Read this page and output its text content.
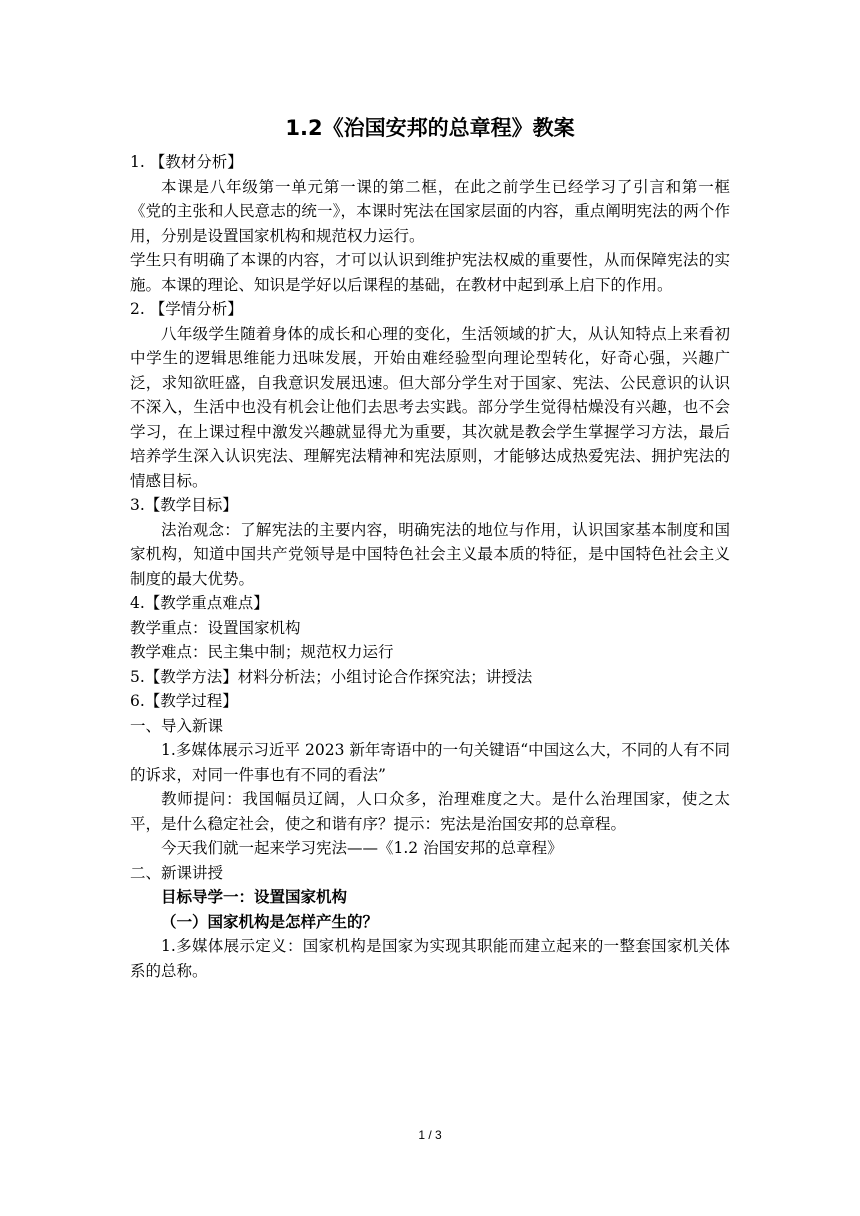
1.2《治国安邦的总章程》教案

1. 【教材分析】

本课是八年级第一单元第一课的第二框，在此之前学生已经学习了引言和第一框《党的主张和人民意志的统一》，本课时宪法在国家层面的内容，重点阐明宪法的两个作用，分别是设置国家机构和规范权力运行。

学生只有明确了本课的内容，才可以认识到维护宪法权威的重要性，从而保障宪法的实施。本课的理论、知识是学好以后课程的基础，在教材中起到承上启下的作用。

2. 【学情分析】

八年级学生随着身体的成长和心理的变化，生活领域的扩大，从认知特点上来看初中学生的逻辑思维能力迅味发展，开始由难经验型向理论型转化，好奇心强，兴趣广泛，求知欲旺盛，自我意识发展迅速。但大部分学生对于国家、宪法、公民意识的认识不深入，生活中也没有机会让他们去思考去实践。部分学生觉得枯燥没有兴趣，也不会学习，在上课过程中激发兴趣就显得尤为重要，其次就是教会学生掌握学习方法，最后培养学生深入认识宪法、理解宪法精神和宪法原则，才能够达成热爱宪法、拥护宪法的情感目标。

3.【教学目标】

法治观念：了解宪法的主要内容，明确宪法的地位与作用，认识国家基本制度和国家机构，知道中国共产党领导是中国特色社会主义最本质的特征，是中国特色社会主义制度的最大优势。

4.【教学重点难点】

教学重点：设置国家机构

教学难点：民主集中制；规范权力运行

5.【教学方法】材料分析法；小组讨论合作探究法；讲授法

6.【教学过程】

一、导入新课

1.多媒体展示习近平 2023 新年寄语中的一句关键语“中国这么大，不同的人有不同的诉求，对同一件事也有不同的看法”

教师提问：我国幅员辽阔，人口众多，治理难度之大。是什么治理国家，使之太平，是什么稳定社会，使之和谐有序？提示：宪法是治国安邦的总章程。

今天我们就一起来学习宪法——《1.2 治国安邦的总章程》

二、新课讲授

目标导学一：设置国家机构

（一）国家机构是怎样产生的？

1.多媒体展示定义：国家机构是国家为实现其职能而建立起来的一整套国家机关体系的总称。

1 / 3
